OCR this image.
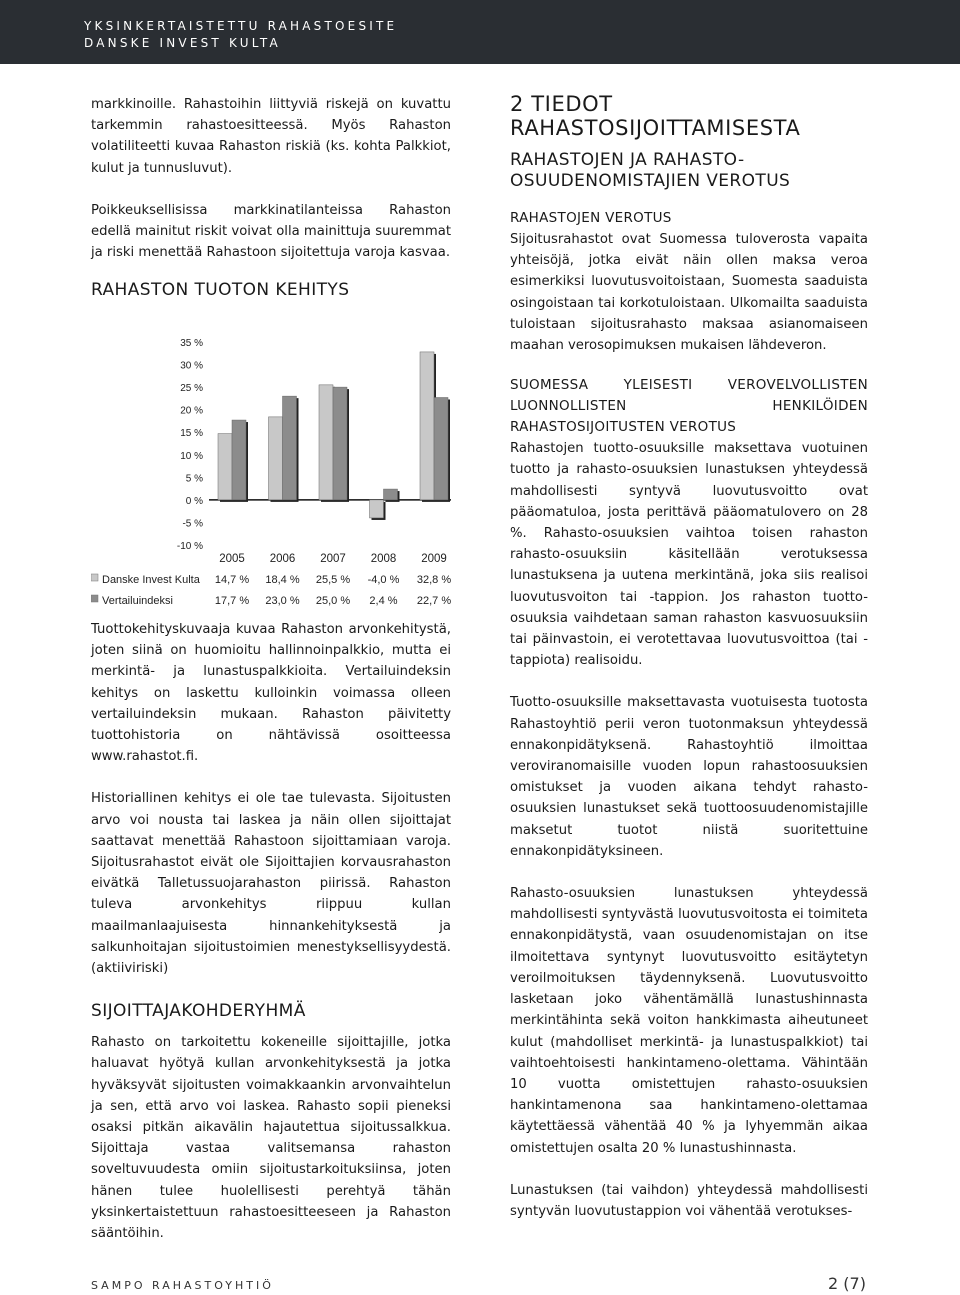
YKSINKERTAISTETTU RAHASTOESITE
DANSKE INVEST KULTA

markkinoille. Rahastoihin liittyviä riskejä on kuvattu tarkemmin rahastoesitteessä. Myös Rahaston volatiliteetti kuvaa Rahaston riskiä (ks. kohta Palkkiot, kulut ja tunnusluvut).

Poikkeuksellisissa markkinatilanteissa Rahaston edellä mainitut riskit voivat olla mainittuja suuremmat ja riski menettää Rahastoon sijoitettuja varoja kasvaa.

RAHASTON TUOTON KEHITYS

35 %
30 %
25 %
20 %
15 %
10 %
5 %
0 %
-5 %
-10 %
2005
14,7 %
17,7 %
2006
18,4 %
23,0 %
2007
25,5 %
25,0 %
2008
-4,0 %
2,4 %
2009
32,8 %
22,7 %
Danske Invest Kulta
Vertailuindeksi

Tuottokehityskuvaaja kuvaa Rahaston arvonkehitystä, joten siinä on huomioitu hallinnoinpalkkio, mutta ei merkintä- ja lunastuspalkkioita. Vertailuindeksin kehitys on laskettu kulloinkin voimassa olleen vertailuindeksin mukaan. Rahaston päivitetty tuottohistoria on nähtävissä osoitteessa www.rahastot.fi.

Historiallinen kehitys ei ole tae tulevasta. Sijoitusten arvo voi nousta tai laskea ja näin ollen sijoittajat saattavat menettää Rahastoon sijoittamiaan varoja. Sijoitusrahastot eivät ole Sijoittajien korvausrahaston eivätkä Talletussuojarahaston piirissä. Rahaston tuleva arvonkehitys riippuu kullan maailmanlaajuisesta hinnankehityksestä ja salkunhoitajan sijoitustoimien menestyksellisyydestä. (aktiiviriski)

SIJOITTAJAKOHDERYHMÄ

Rahasto on tarkoitettu kokeneille sijoittajille, jotka haluavat hyötyä kullan arvonkehityksestä ja jotka hyväksyvät sijoitusten voimakkaankin arvonvaihtelun ja sen, että arvo voi laskea. Rahasto sopii pieneksi osaksi pitkän aikavälin hajautettua sijoitussalkkua. Sijoittaja vastaa valitsemansa rahaston soveltuvuudesta omiin sijoitustarkoituksiinsa, joten hänen tulee huolellisesti perehtyä tähän yksinkertaistettuun rahastoesitteeseen ja Rahaston sääntöihin.

2 TIEDOT RAHASTOSIJOITTAMISESTA

RAHASTOJEN JA RAHASTO-OSUUDENOMISTAJIEN VEROTUS

RAHASTOJEN VEROTUS

Sijoitusrahastot ovat Suomessa tuloverosta vapaita yhteisöjä, jotka eivät näin ollen maksa veroa esimerkiksi luovutusvoitoistaan, Suomesta saaduista osingoistaan tai korkotuloistaan. Ulkomailta saaduista tuloistaan sijoitusrahasto maksaa asianomaiseen maahan verosopimuksen mukaisen lähdeveron.

SUOMESSA YLEISESTI VEROVELVOLLISTEN LUONNOLLISTEN HENKILÖIDEN RAHASTOSIJOITUSTEN VEROTUS

Rahastojen tuotto-osuuksille maksettava vuotuinen tuotto ja rahasto-osuuksien lunastuksen yhteydessä mahdollisesti syntyvä luovutusvoitto ovat pääomatuloa, josta perittävä pääomatulovero on 28 %. Rahasto-osuuksien vaihtoa toisen rahaston rahasto-osuuksiin käsitellään verotuksessa lunastuksena ja uutena merkintänä, joka siis realisoi luovutusvoiton tai -tappion. Jos rahaston tuotto-osuuksia vaihdetaan saman rahaston kasvuosuuksiin tai päinvastoin, ei verotettavaa luovutusvoittoa (tai -tappiota) realisoidu.

Tuotto-osuuksille maksettavasta vuotuisesta tuotosta Rahastoyhtiö perii veron tuotonmaksun yhteydessä ennakonpidätyksenä. Rahastoyhtiö ilmoittaa veroviranomaisille vuoden lopun rahastoosuuksien omistukset ja vuoden aikana tehdyt rahasto-osuuksien lunastukset sekä tuottoosuudenomistajille maksetut tuotot niistä suoritettuine ennakonpidätyksineen.

Rahasto-osuuksien lunastuksen yhteydessä mahdollisesti syntyvästä luovutusvoitosta ei toimiteta ennakonpidätystä, vaan osuudenomistajan on itse ilmoitettava syntynyt luovutusvoitto esitäytetyn veroilmoituksen täydennyksenä. Luovutusvoitto lasketaan joko vähentämällä lunastushinnasta merkintähinta sekä voiton hankkimasta aiheutuneet kulut (mahdolliset merkintä- ja lunastuspalkkiot) tai vaihtoehtoisesti hankintameno-olettama. Vähintään 10 vuotta omistettujen rahasto-osuuksien hankintamenona saa hankintameno-olettamaa käytettäessä vähentää 40 % ja lyhyemmän aikaa omistettujen osalta 20 % lunastushinnasta.

Lunastuksen (tai vaihdon) yhteydessä mahdollisesti syntyvän luovutustappion voi vähentää verotukses-

SAMPO RAHASTOYHTIÖ	2 (7)
